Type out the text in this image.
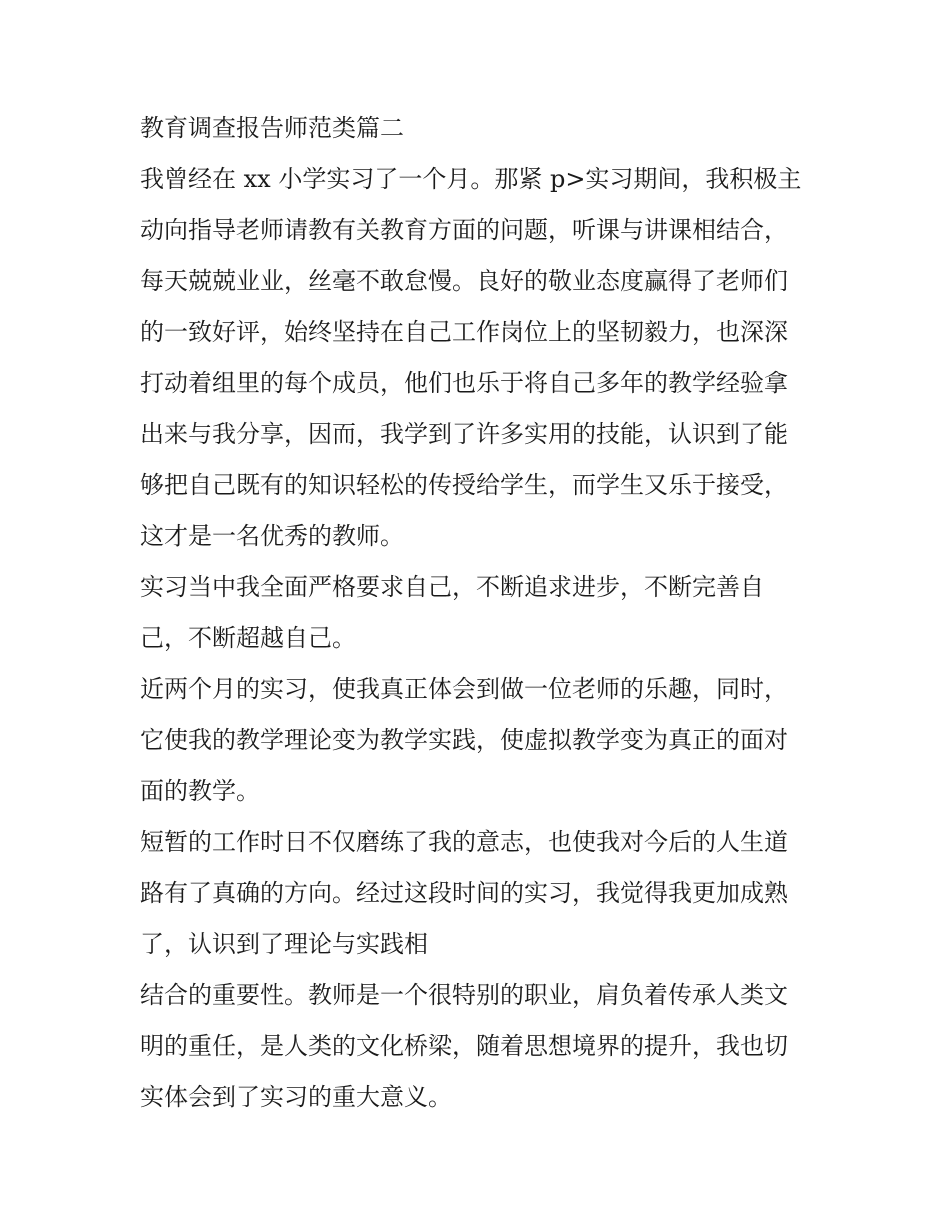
教育调查报告师范类篇二

我曾经在 xx 小学实习了一个月。那紧 p>实习期间，我积极主
动向指导老师请教有关教育方面的问题，听课与讲课相结合，
每天兢兢业业，丝毫不敢怠慢。良好的敬业态度赢得了老师们
的一致好评，始终坚持在自己工作岗位上的坚韧毅力，也深深
打动着组里的每个成员，他们也乐于将自己多年的教学经验拿
出来与我分享，因而，我学到了许多实用的技能，认识到了能
够把自己既有的知识轻松的传授给学生，而学生又乐于接受，
这才是一名优秀的教师。

实习当中我全面严格要求自己，不断追求进步，不断完善自
己，不断超越自己。

近两个月的实习，使我真正体会到做一位老师的乐趣，同时，
它使我的教学理论变为教学实践，使虚拟教学变为真正的面对
面的教学。

短暂的工作时日不仅磨练了我的意志，也使我对今后的人生道
路有了真确的方向。经过这段时间的实习，我觉得我更加成熟
了，认识到了理论与实践相

结合的重要性。教师是一个很特别的职业，肩负着传承人类文
明的重任，是人类的文化桥梁，随着思想境界的提升，我也切
实体会到了实习的重大意义。
